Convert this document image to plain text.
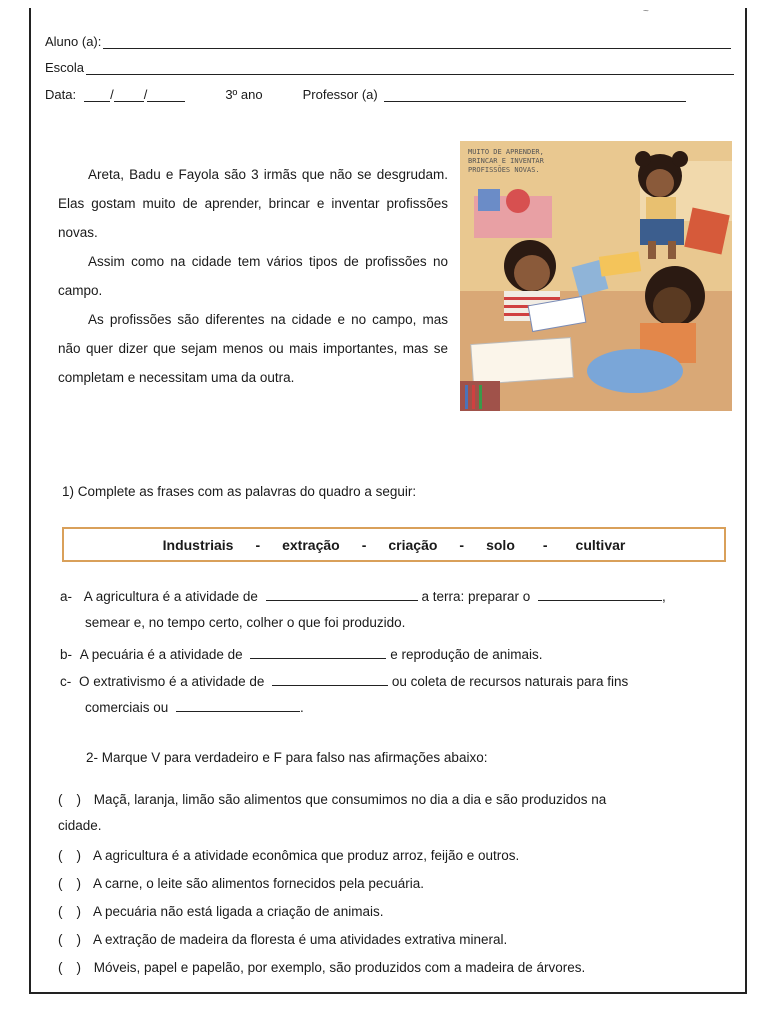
~
Aluno (a):
Escola
Data:	/ /	3º ano	Professor (a)

Areta, Badu e Fayola são 3 irmãs que não se desgrudam. Elas gostam muito de aprender, brincar e inventar profissões novas.

Assim como na cidade tem vários tipos de profissões no campo.

As profissões são diferentes na cidade e no campo, mas não quer dizer que sejam menos ou mais importantes, mas se completam e necessitam uma da outra.

MUITO DE APRENDER,
BRINCAR E INVENTAR
PROFISSÕES NOVAS.
1) Complete as frases com as palavras do quadro a seguir:
Industriais - extração - criação - solo - cultivar
a- A agricultura é a atividade de	a terra: preparar o	,
semear e, no tempo certo, colher o que foi produzido.
b- A pecuária é a atividade de	e reprodução de animais.
c- O extrativismo é a atividade de	ou coleta de recursos naturais para fins
comerciais ou	.
2- Marque V para verdadeiro e F para falso nas afirmações abaixo:
( ) Maçã, laranja, limão são alimentos que consumimos no dia a dia e são produzidos na
cidade.
( ) A agricultura é a atividade econômica que produz arroz, feijão e outros.
( ) A carne, o leite são alimentos fornecidos pela pecuária.
( ) A pecuária não está ligada a criação de animais.
( ) A extração de madeira da floresta é uma atividades extrativa mineral.
( ) Móveis, papel e papelão, por exemplo, são produzidos com a madeira de árvores.
